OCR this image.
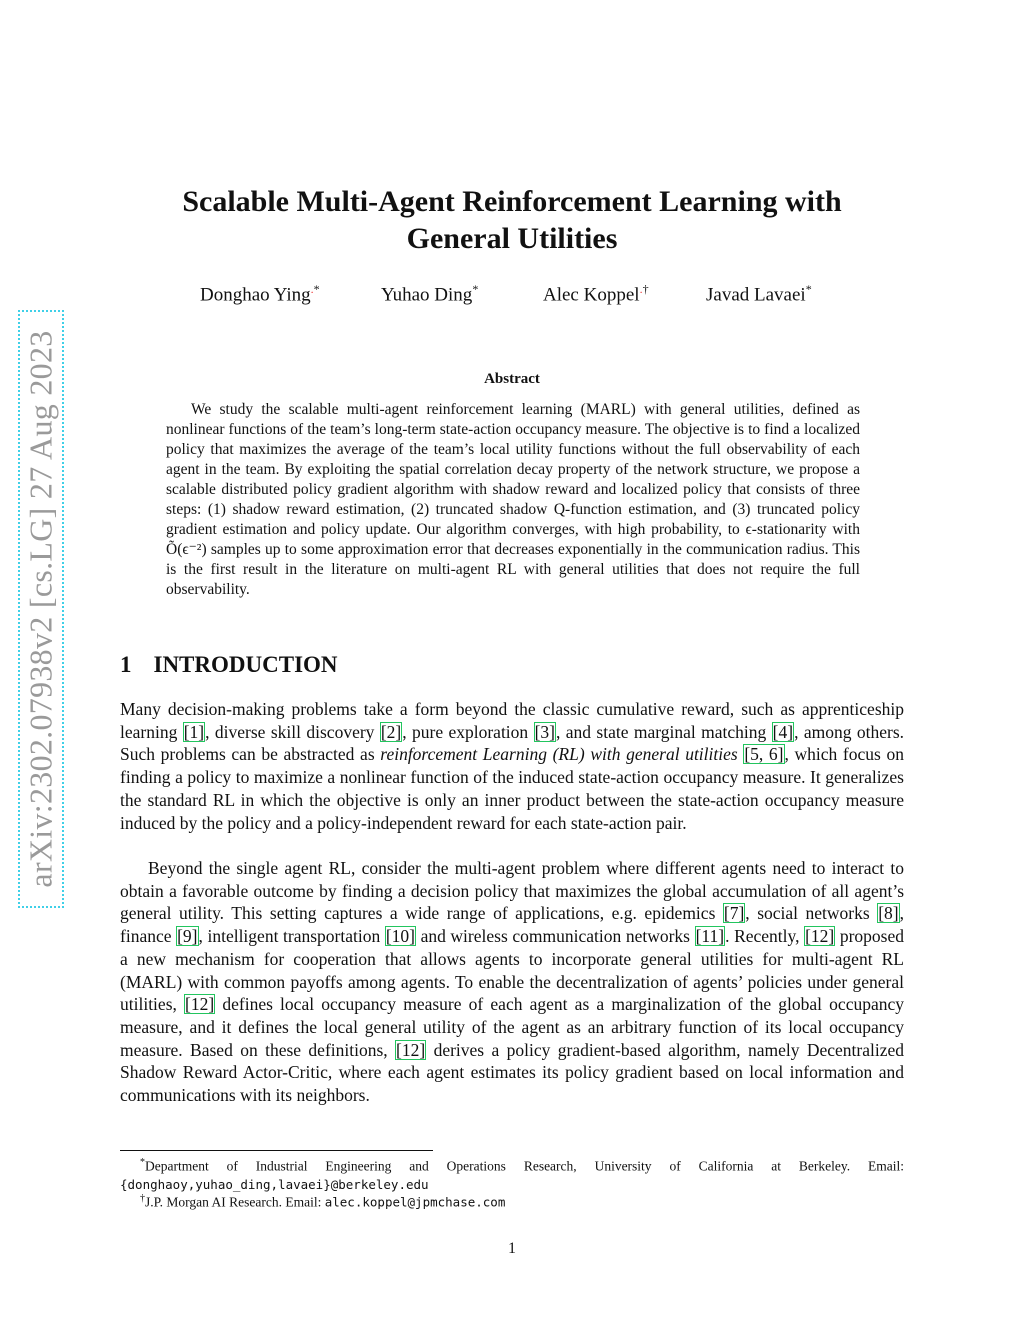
arXiv:2302.07938v2 [cs.LG] 27 Aug 2023
Scalable Multi-Agent Reinforcement Learning with General Utilities
Donghao Ying.*	Yuhao Ding*	Alec Koppel.†	Javad Lavaei*
Abstract

We study the scalable multi-agent reinforcement learning (MARL) with general utilities, defined as nonlinear functions of the team’s long-term state-action occupancy measure. The objective is to find a localized policy that maximizes the average of the team’s local utility functions without the full observability of each agent in the team. By exploiting the spatial correlation decay property of the network structure, we propose a scalable distributed policy gradient algorithm with shadow reward and localized policy that consists of three steps: (1) shadow reward estimation, (2) truncated shadow Q-function estimation, and (3) truncated policy gradient estimation and policy update. Our algorithm converges, with high probability, to ϵ-stationarity with Õ(ϵ⁻²) samples up to some approximation error that decreases exponentially in the communication radius. This is the first result in the literature on multi-agent RL with general utilities that does not require the full observability.

1 INTRODUCTION

Many decision-making problems take a form beyond the classic cumulative reward, such as apprenticeship learning [1], diverse skill discovery [2], pure exploration [3], and state marginal matching [4], among others. Such problems can be abstracted as reinforcement Learning (RL) with general utilities [5, 6], which focus on finding a policy to maximize a nonlinear function of the induced state-action occupancy measure. It generalizes the standard RL in which the objective is only an inner product between the state-action occupancy measure induced by the policy and a policy-independent reward for each state-action pair.

Beyond the single agent RL, consider the multi-agent problem where different agents need to interact to obtain a favorable outcome by finding a decision policy that maximizes the global accumulation of all agent’s general utility. This setting captures a wide range of applications, e.g. epidemics [7], social networks [8], finance [9], intelligent transportation [10] and wireless communication networks [11]. Recently, [12] proposed a new mechanism for cooperation that allows agents to incorporate general utilities for multi-agent RL (MARL) with common payoffs among agents. To enable the decentralization of agents’ policies under general utilities, [12] defines local occupancy measure of each agent as a marginalization of the global occupancy measure, and it defines the local general utility of the agent as an arbitrary function of its local occupancy measure. Based on these definitions, [12] derives a policy gradient-based algorithm, namely Decentralized Shadow Reward Actor-Critic, where each agent estimates its policy gradient based on local information and communications with its neighbors.

*Department of Industrial Engineering and Operations Research, University of California at Berkeley. Email: {donghaoy,yuhao_ding,lavaei}@berkeley.edu

†J.P. Morgan AI Research. Email: alec.koppel@jpmchase.com

1
